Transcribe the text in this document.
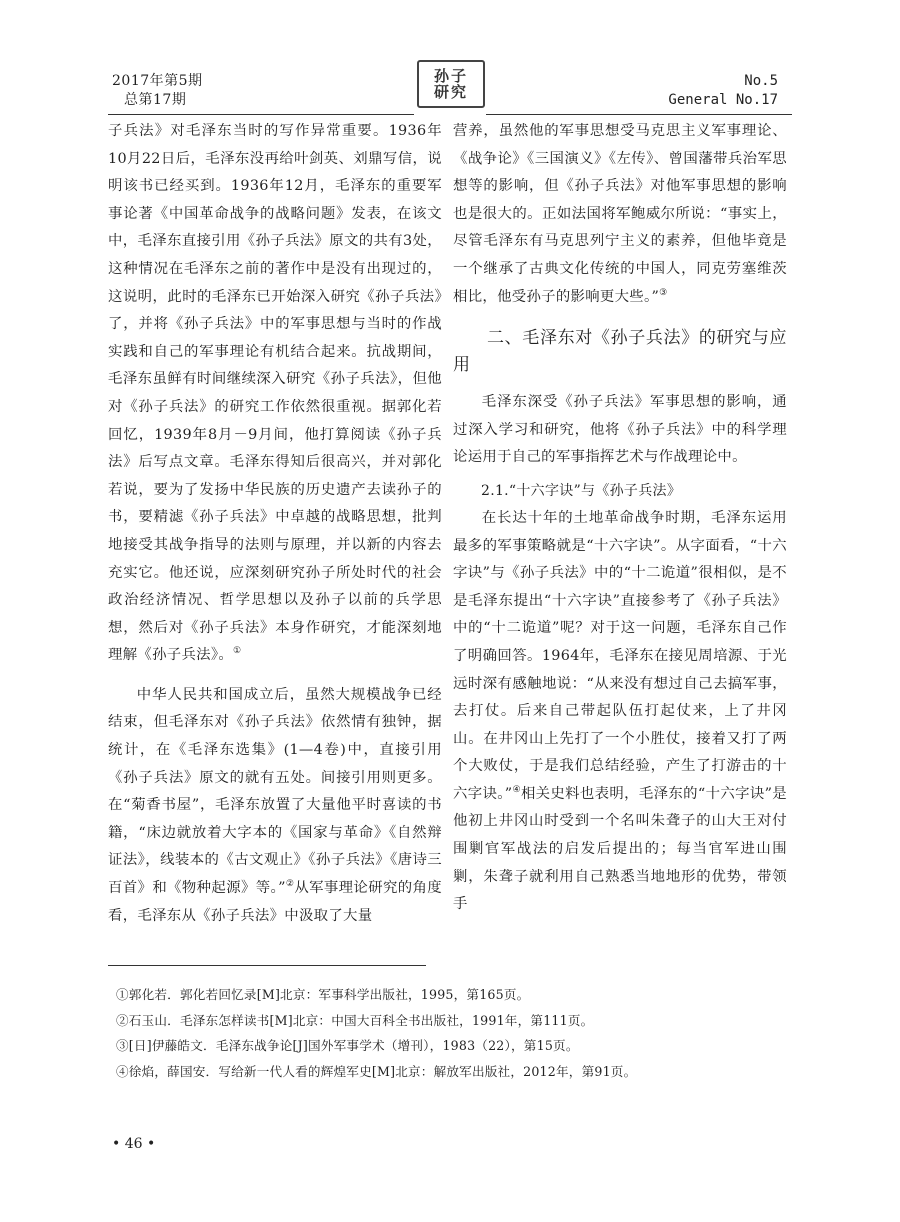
2017年第5期
总第17期
孙子研究
No.5
General No.17

子兵法》对毛泽东当时的写作异常重要。1936年10月22日后，毛泽东没再给叶剑英、刘鼎写信，说明该书已经买到。1936年12月，毛泽东的重要军事论著《中国革命战争的战略问题》发表，在该文中，毛泽东直接引用《孙子兵法》原文的共有3处，这种情况在毛泽东之前的著作中是没有出现过的，这说明，此时的毛泽东已开始深入研究《孙子兵法》了，并将《孙子兵法》中的军事思想与当时的作战实践和自己的军事理论有机结合起来。抗战期间，毛泽东虽鲜有时间继续深入研究《孙子兵法》，但他对《孙子兵法》的研究工作依然很重视。据郭化若回忆，1939年8月－9月间，他打算阅读《孙子兵法》后写点文章。毛泽东得知后很高兴，并对郭化若说，要为了发扬中华民族的历史遗产去读孙子的书，要精滤《孙子兵法》中卓越的战略思想，批判地接受其战争指导的法则与原理，并以新的内容去充实它。他还说，应深刻研究孙子所处时代的社会政治经济情况、哲学思想以及孙子以前的兵学思想，然后对《孙子兵法》本身作研究，才能深刻地理解《孙子兵法》。①

中华人民共和国成立后，虽然大规模战争已经结束，但毛泽东对《孙子兵法》依然情有独钟，据统计，在《毛泽东选集》(1—4卷)中，直接引用《孙子兵法》原文的就有五处。间接引用则更多。在“菊香书屋”，毛泽东放置了大量他平时喜读的书籍，“床边就放着大字本的《国家与革命》《自然辩证法》，线装本的《古文观止》《孙子兵法》《唐诗三百首》和《物种起源》等。”②从军事理论研究的角度看，毛泽东从《孙子兵法》中汲取了大量

营养，虽然他的军事思想受马克思主义军事理论、《战争论》《三国演义》《左传》、曾国藩带兵治军思想等的影响，但《孙子兵法》对他军事思想的影响也是很大的。正如法国将军鲍威尔所说：“事实上，尽管毛泽东有马克思列宁主义的素养，但他毕竟是一个继承了古典文化传统的中国人，同克劳塞维茨相比，他受孙子的影响更大些。”③

二、毛泽东对《孙子兵法》的研究与应用

毛泽东深受《孙子兵法》军事思想的影响，通过深入学习和研究，他将《孙子兵法》中的科学理论运用于自己的军事指挥艺术与作战理论中。

2.1.“十六字诀”与《孙子兵法》

在长达十年的土地革命战争时期，毛泽东运用最多的军事策略就是“十六字诀”。从字面看，“十六字诀”与《孙子兵法》中的“十二诡道”很相似，是不是毛泽东提出“十六字诀”直接参考了《孙子兵法》中的“十二诡道”呢？对于这一问题，毛泽东自己作了明确回答。1964年，毛泽东在接见周培源、于光远时深有感触地说：“从来没有想过自己去搞军事，去打仗。后来自己带起队伍打起仗来，上了井冈山。在井冈山上先打了一个小胜仗，接着又打了两个大败仗，于是我们总结经验，产生了打游击的十六字诀。”④相关史料也表明，毛泽东的“十六字诀”是他初上井冈山时受到一个名叫朱聋子的山大王对付围剿官军战法的启发后提出的；每当官军进山围剿，朱聋子就利用自己熟悉当地地形的优势，带领手

①郭化若．郭化若回忆录[M]北京：军事科学出版社，1995，第165页。
②石玉山．毛泽东怎样读书[M]北京：中国大百科全书出版社，1991年，第111页。
③[日]伊藤皓文．毛泽东战争论[J]国外军事学术（增刊），1983（22），第15页。
④徐焰，薛国安．写给新一代人看的辉煌军史[M]北京：解放军出版社，2012年，第91页。
• 46 •
